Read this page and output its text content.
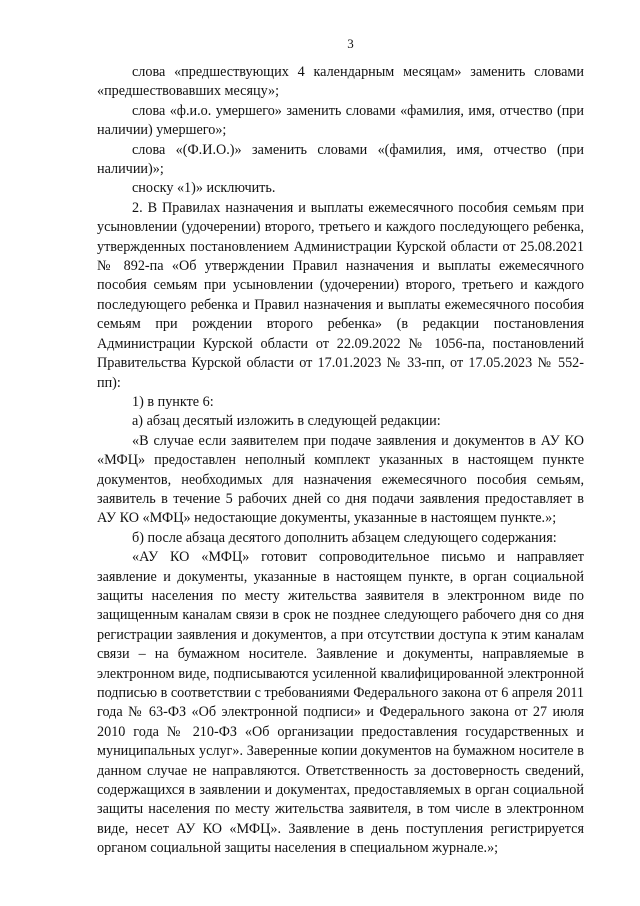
3

слова «предшествующих 4 календарным месяцам» заменить словами «предшествовавших месяцу»;

слова «ф.и.о. умершего» заменить словами «фамилия, имя, отчество (при наличии) умершего»;

слова «(Ф.И.О.)» заменить словами «(фамилия, имя, отчество (при наличии)»;

сноску «1)» исключить.

2. В Правилах назначения и выплаты ежемесячного пособия семьям при усыновлении (удочерении) второго, третьего и каждого последующего ребенка, утвержденных постановлением Администрации Курской области от 25.08.2021 № 892-па «Об утверждении Правил назначения и выплаты ежемесячного пособия семьям при усыновлении (удочерении) второго, третьего и каждого последующего ребенка и Правил назначения и выплаты ежемесячного пособия семьям при рождении второго ребенка» (в редакции постановления Администрации Курской области от 22.09.2022 № 1056-па, постановлений Правительства Курской области от 17.01.2023 № 33-пп, от 17.05.2023 № 552-пп):

1) в пункте 6:

а) абзац десятый изложить в следующей редакции:

«В случае если заявителем при подаче заявления и документов в АУ КО «МФЦ» предоставлен неполный комплект указанных в настоящем пункте документов, необходимых для назначения ежемесячного пособия семьям, заявитель в течение 5 рабочих дней со дня подачи заявления предоставляет в АУ КО «МФЦ» недостающие документы, указанные в настоящем пункте.»;

б) после абзаца десятого дополнить абзацем следующего содержания:

«АУ КО «МФЦ» готовит сопроводительное письмо и направляет заявление и документы, указанные в настоящем пункте, в орган социальной защиты населения по месту жительства заявителя в электронном виде по защищенным каналам связи в срок не позднее следующего рабочего дня со дня регистрации заявления и документов, а при отсутствии доступа к этим каналам связи – на бумажном носителе. Заявление и документы, направляемые в электронном виде, подписываются усиленной квалифицированной электронной подписью в соответствии с требованиями Федерального закона от 6 апреля 2011 года № 63-ФЗ «Об электронной подписи» и Федерального закона от 27 июля 2010 года № 210-ФЗ «Об организации предоставления государственных и муниципальных услуг». Заверенные копии документов на бумажном носителе в данном случае не направляются. Ответственность за достоверность сведений, содержащихся в заявлении и документах, предоставляемых в орган социальной защиты населения по месту жительства заявителя, в том числе в электронном виде, несет АУ КО «МФЦ». Заявление в день поступления регистрируется органом социальной защиты населения в специальном журнале.»;
